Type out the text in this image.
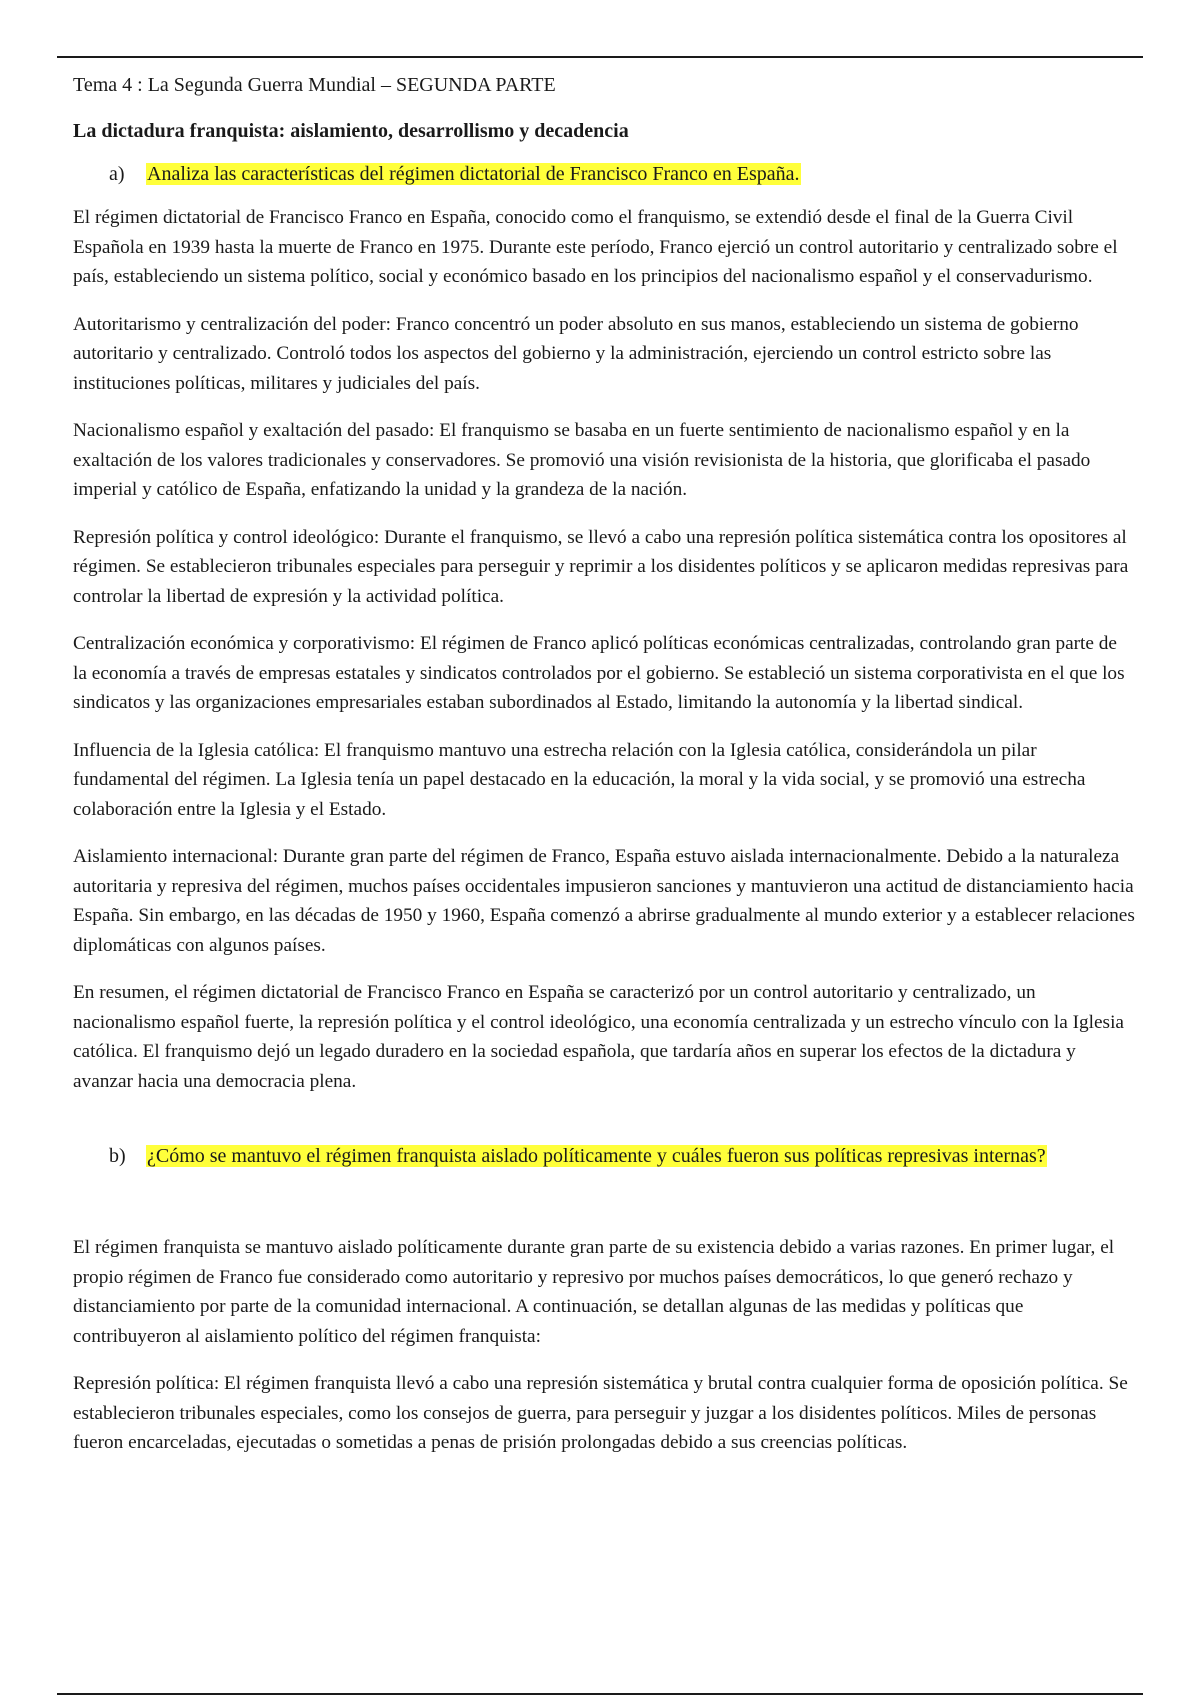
Tema 4 : La Segunda Guerra Mundial – SEGUNDA PARTE
La dictadura franquista: aislamiento, desarrollismo y decadencia
a)	Analiza las características del régimen dictatorial de Francisco Franco en España.

El régimen dictatorial de Francisco Franco en España, conocido como el franquismo, se extendió desde el final de la Guerra Civil Española en 1939 hasta la muerte de Franco en 1975. Durante este período, Franco ejerció un control autoritario y centralizado sobre el país, estableciendo un sistema político, social y económico basado en los principios del nacionalismo español y el conservadurismo.

Autoritarismo y centralización del poder: Franco concentró un poder absoluto en sus manos, estableciendo un sistema de gobierno autoritario y centralizado. Controló todos los aspectos del gobierno y la administración, ejerciendo un control estricto sobre las instituciones políticas, militares y judiciales del país.

Nacionalismo español y exaltación del pasado: El franquismo se basaba en un fuerte sentimiento de nacionalismo español y en la exaltación de los valores tradicionales y conservadores. Se promovió una visión revisionista de la historia, que glorificaba el pasado imperial y católico de España, enfatizando la unidad y la grandeza de la nación.

Represión política y control ideológico: Durante el franquismo, se llevó a cabo una represión política sistemática contra los opositores al régimen. Se establecieron tribunales especiales para perseguir y reprimir a los disidentes políticos y se aplicaron medidas represivas para controlar la libertad de expresión y la actividad política.

Centralización económica y corporativismo: El régimen de Franco aplicó políticas económicas centralizadas, controlando gran parte de la economía a través de empresas estatales y sindicatos controlados por el gobierno. Se estableció un sistema corporativista en el que los sindicatos y las organizaciones empresariales estaban subordinados al Estado, limitando la autonomía y la libertad sindical.

Influencia de la Iglesia católica: El franquismo mantuvo una estrecha relación con la Iglesia católica, considerándola un pilar fundamental del régimen. La Iglesia tenía un papel destacado en la educación, la moral y la vida social, y se promovió una estrecha colaboración entre la Iglesia y el Estado.

Aislamiento internacional: Durante gran parte del régimen de Franco, España estuvo aislada internacionalmente. Debido a la naturaleza autoritaria y represiva del régimen, muchos países occidentales impusieron sanciones y mantuvieron una actitud de distanciamiento hacia España. Sin embargo, en las décadas de 1950 y 1960, España comenzó a abrirse gradualmente al mundo exterior y a establecer relaciones diplomáticas con algunos países.

En resumen, el régimen dictatorial de Francisco Franco en España se caracterizó por un control autoritario y centralizado, un nacionalismo español fuerte, la represión política y el control ideológico, una economía centralizada y un estrecho vínculo con la Iglesia católica. El franquismo dejó un legado duradero en la sociedad española, que tardaría años en superar los efectos de la dictadura y avanzar hacia una democracia plena.

b)	¿Cómo se mantuvo el régimen franquista aislado políticamente y cuáles fueron sus políticas represivas internas?

El régimen franquista se mantuvo aislado políticamente durante gran parte de su existencia debido a varias razones. En primer lugar, el propio régimen de Franco fue considerado como autoritario y represivo por muchos países democráticos, lo que generó rechazo y distanciamiento por parte de la comunidad internacional. A continuación, se detallan algunas de las medidas y políticas que contribuyeron al aislamiento político del régimen franquista:

Represión política: El régimen franquista llevó a cabo una represión sistemática y brutal contra cualquier forma de oposición política. Se establecieron tribunales especiales, como los consejos de guerra, para perseguir y juzgar a los disidentes políticos. Miles de personas fueron encarceladas, ejecutadas o sometidas a penas de prisión prolongadas debido a sus creencias políticas.
